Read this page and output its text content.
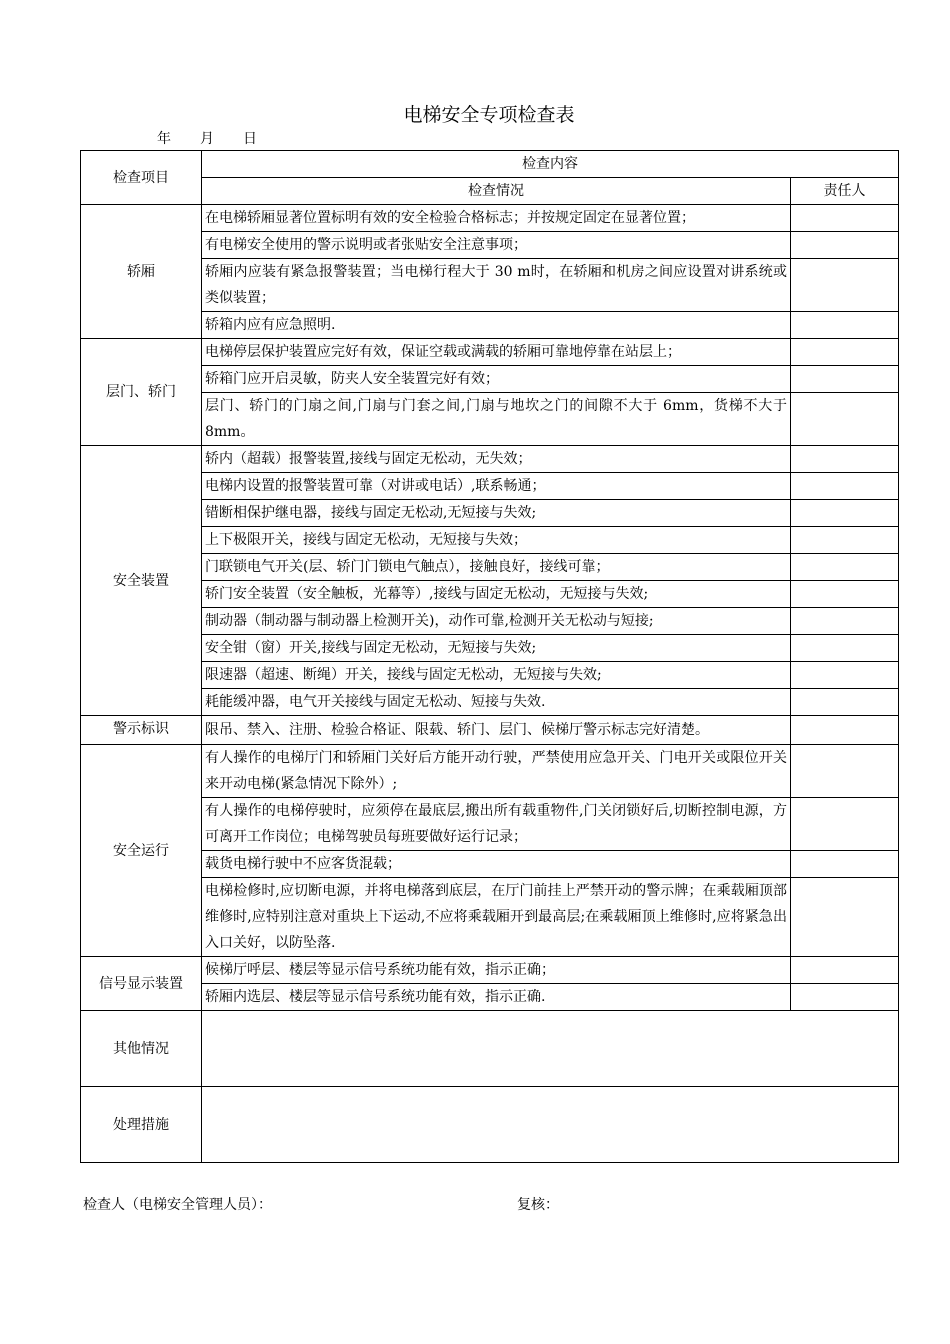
电梯安全专项检查表
年 月 日
检查项目	检查内容	
	检查情况	责任人
轿厢	在电梯轿厢显著位置标明有效的安全检验合格标志；并按规定固定在显著位置；	
	有电梯安全使用的警示说明或者张贴安全注意事项；	
	轿厢内应装有紧急报警装置；当电梯行程大于 30 m时，在轿厢和机房之间应设置对讲系统或类似装置；	
	轿箱内应有应急照明.	
层门、轿门	电梯停层保护装置应完好有效，保证空载或满载的轿厢可靠地停靠在站层上；	
	轿箱门应开启灵敏，防夹人安全装置完好有效；	
	层门、轿门的门扇之间,门扇与门套之间,门扇与地坎之门的间隙不大于 6mm，货梯不大于 8mm。	
安全装置	轿内（超载）报警装置,接线与固定无松动，无失效；	
	电梯内设置的报警装置可靠（对讲或电话）,联系畅通；	
	错断相保护继电器，接线与固定无松动,无短接与失效;	
	上下极限开关，接线与固定无松动，无短接与失效；	
	门联锁电气开关(层、轿门门锁电气触点），接触良好，接线可靠；	
	轿门安全装置（安全触板，光幕等）,接线与固定无松动，无短接与失效;	
	制动器（制动器与制动器上检测开关)，动作可靠,检测开关无松动与短接;	
	安全钳（窗）开关,接线与固定无松动，无短接与失效;	
	限速器（超速、断绳）开关，接线与固定无松动，无短接与失效;	
	耗能缓冲器，电气开关接线与固定无松动、短接与失效.	
警示标识	限吊、禁入、注册、检验合格证、限载、轿门、层门、候梯厅警示标志完好清楚。	
安全运行	有人操作的电梯厅门和轿厢门关好后方能开动行驶，严禁使用应急开关、门电开关或限位开关来开动电梯(紧急情况下除外）;	
	有人操作的电梯停驶时，应须停在最底层,搬出所有载重物件,门关闭锁好后,切断控制电源，方可离开工作岗位；电梯驾驶员每班要做好运行记录；	
	载货电梯行驶中不应客货混载；	
	电梯检修时,应切断电源，并将电梯落到底层，在厅门前挂上严禁开动的警示牌；在乘载厢顶部维修时,应特别注意对重块上下运动,不应将乘载厢开到最高层;在乘载厢顶上维修时,应将紧急出入口关好，以防坠落.	
信号显示装置	候梯厅呼层、楼层等显示信号系统功能有效，指示正确；	
	轿厢内选层、楼层等显示信号系统功能有效，指示正确.	
其他情况		
处理措施		
检查人（电梯安全管理人员）：	复核：
